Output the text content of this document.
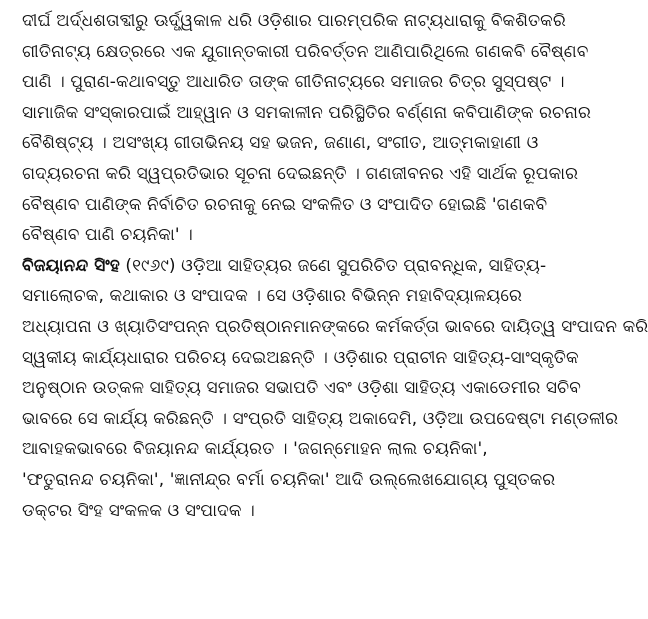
ଦୀର୍ଘ ଅର୍ଦ୍ଧଶତାବ୍ଦୀରୁ ଊର୍ଦ୍ଧ୍ୱକାଳ ଧରି ଓଡ଼ିଶାର ପାରମ୍ପରିକ ନାଟ୍ୟଧାରାକୁ ବିକଶିତକରି
ଗୀତିନାଟ୍ୟ କ୍ଷେତ୍ରରେ ଏକ ଯୁଗାନ୍ତକାରୀ ପରିବର୍ତ୍ତନ ଆଣିପାରିଥିଲେ ଗଣକବି ବୈଷ୍ଣବ
ପାଣି । ପୁରାଣ-କଥାବସ୍ତୁ ଆଧାରିତ ତାଙ୍କ ଗୀତିନାଟ୍ୟରେ ସମାଜର ଚିତ୍ର ସୁସ୍ପଷ୍ଟ ।
ସାମାଜିକ ସଂସ୍କାରପାଇଁ ଆହ୍ୱାନ ଓ ସମକାଳୀନ ପରିସ୍ଥିତିର ବର୍ଣ୍ଣନା କବିପାଣିଙ୍କ ରଚନାର
ବୈଶିଷ୍ଟ୍ୟ । ଅସଂଖ୍ୟ ଗୀତାଭିନୟ ସହ ଭଜନ, ଜଣାଣ, ସଂଗୀତ, ଆତ୍ମକାହାଣୀ ଓ
ଗଦ୍ୟରଚନା କରି ସ୍ୱପ୍ରତିଭାର ସୂଚନା ଦେଇଛନ୍ତି । ଗଣଜୀବନର ଏହି ସାର୍ଥକ ରୂପକାର
ବୈଷ୍ଣବ ପାଣିଙ୍କ ନିର୍ବାଚିତ ରଚନାକୁ ନେଇ ସଂକଳିତ ଓ ସଂପାଦିତ ହୋଇଛି 'ଗଣକବି
ବୈଷ୍ଣବ ପାଣି ଚୟନିକା' ।
ବିଜୟାନନ୍ଦ ସିଂହ (୧୯୬୯) ଓଡ଼ିଆ ସାହିତ୍ୟର ଜଣେ ସୁପରିଚିତ ପ୍ରାବନ୍ଧିକ, ସାହିତ୍ୟ-
ସମାଲୋଚକ, କଥାକାର ଓ ସଂପାଦକ । ସେ ଓଡ଼ିଶାର ବିଭିନ୍ନ ମହାବିଦ୍ୟାଳୟରେ
ଅଧ୍ୟାପନା ଓ ଖ୍ୟାତିସଂପନ୍ନ ପ୍ରତିଷ୍ଠାନମାନଙ୍କରେ କର୍ମକର୍ତ୍ତା ଭାବରେ ଦାୟିତ୍ୱ ସଂପାଦନ କରି
ସ୍ୱକୀୟ କାର୍ଯ୍ୟଧାରାର ପରିଚୟ ଦେଇଅଛନ୍ତି । ଓଡ଼ିଶାର ପ୍ରାଚୀନ ସାହିତ୍ୟ-ସାଂସ୍କୃତିକ
ଅନୁଷ୍ଠାନ ଉତ୍କଳ ସାହିତ୍ୟ ସମାଜର ସଭାପତି ଏବଂ ଓଡ଼ିଶା ସାହିତ୍ୟ ଏକାଡେମୀର ସଚିବ
ଭାବରେ ସେ କାର୍ଯ୍ୟ କରିଛନ୍ତି । ସଂପ୍ରତି ସାହିତ୍ୟ ଅକାଦେମି, ଓଡ଼ିଆ ଉପଦେଷ୍ଟା ମଣ୍ଡଳୀର
ଆବାହକଭାବରେ ବିଜୟାନନ୍ଦ କାର୍ଯ୍ୟରତ । 'ଜଗନ୍ମୋହନ ଲାଲ ଚୟନିକା',
'ଫତୁରାନନ୍ଦ ଚୟନିକା', 'ଜ୍ଞାନୀନ୍ଦ୍ର ବର୍ମା ଚୟନିକା' ଆଦି ଉଲ୍ଲେଖଯୋଗ୍ୟ ପୁସ୍ତକର
ଡକ୍ଟର ସିଂହ ସଂକଳକ ଓ ସଂପାଦକ ।
